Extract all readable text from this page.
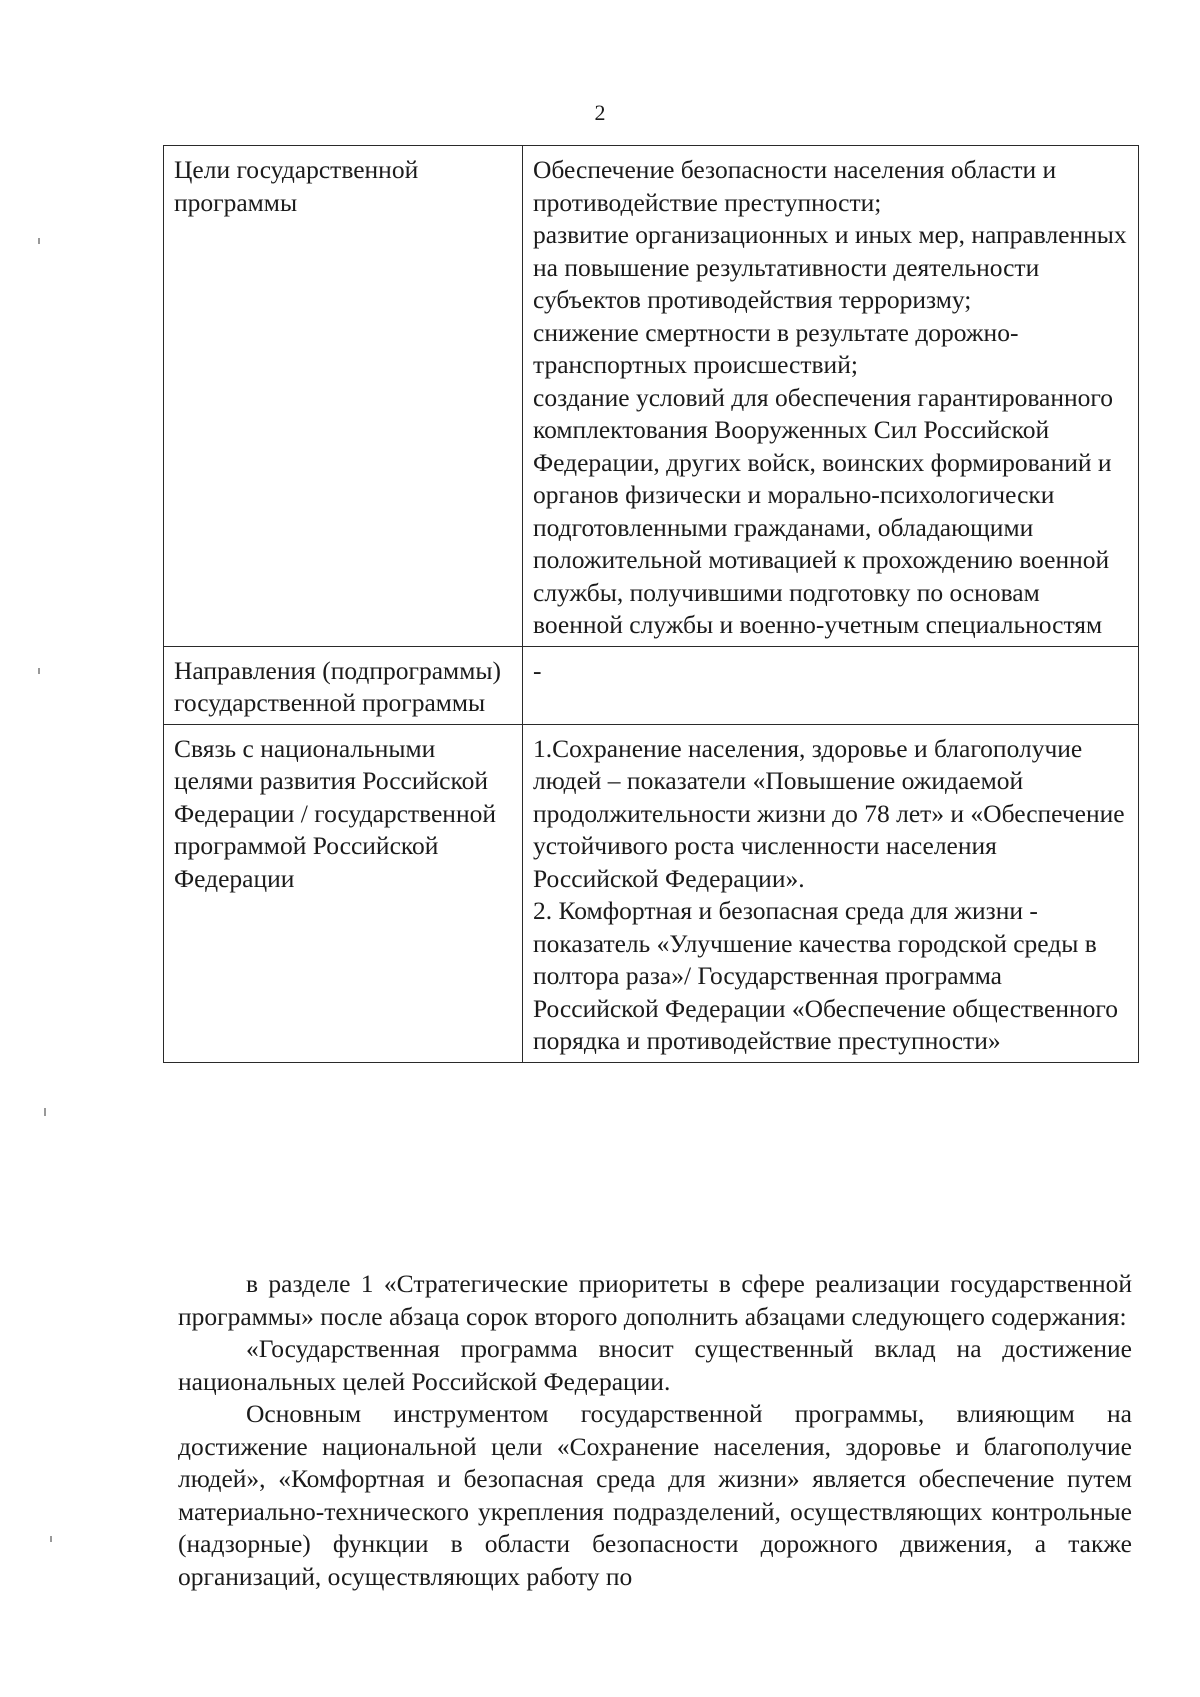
2
Цели государственной программы	Обеспечение безопасности населения области и противодействие преступности;
развитие организационных и иных мер, направленных на повышение результативности деятельности субъектов противодействия терроризму;
снижение смертности в результате дорожно-транспортных происшествий;
создание условий для обеспечения гарантированного комплектования Вооруженных Сил Российской Федерации, других войск, воинских формирований и органов физически и морально-психологически подготовленными гражданами, обладающими положительной мотивацией к прохождению военной службы, получившими подготовку по основам военной службы и военно-учетным специальностям

Направления (подпрограммы) государственной программы	-

Связь с национальными целями развития Российской Федерации / государственной программой Российской Федерации	1.Сохранение населения, здоровье и благополучие людей – показатели «Повышение ожидаемой продолжительности жизни до 78 лет» и «Обеспечение устойчивого роста численности населения Российской Федерации».
2. Комфортная и безопасная среда для жизни - показатель «Улучшение качества городской среды в полтора раза»/ Государственная программа Российской Федерации «Обеспечение общественного порядка и противодействие преступности»

в разделе 1 «Стратегические приоритеты в сфере реализации государственной программы» после абзаца сорок второго дополнить абзацами следующего содержания:

«Государственная программа вносит существенный вклад на достижение национальных целей Российской Федерации.

Основным инструментом государственной программы, влияющим на достижение национальной цели «Сохранение населения, здоровье и благополучие людей», «Комфортная и безопасная среда для жизни» является обеспечение путем материально-технического укрепления подразделений, осуществляющих контрольные (надзорные) функции в области безопасности дорожного движения, а также организаций, осуществляющих работу по
